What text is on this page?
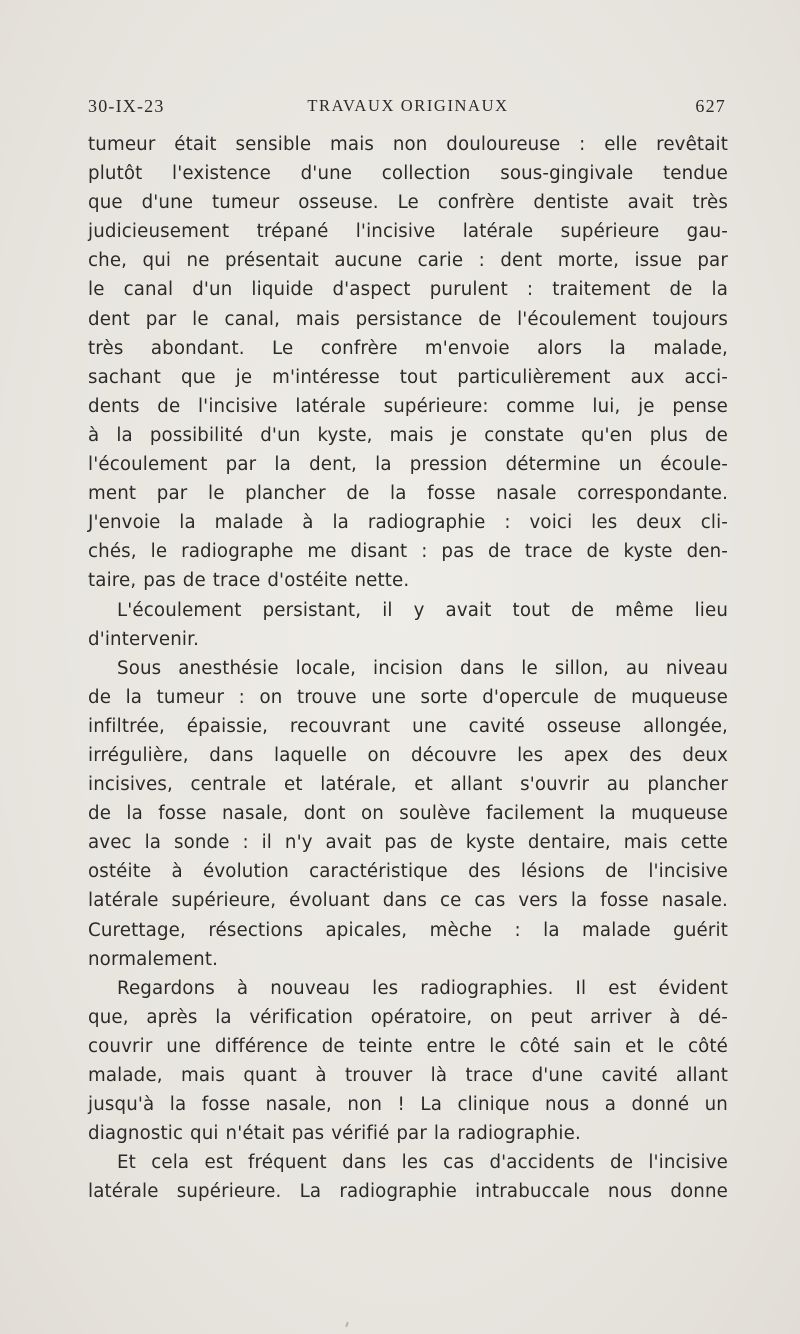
30-IX-23	TRAVAUX ORIGINAUX	627

tumeur était sensible mais non douloureuse : elle revêtait

plutôt l'existence d'une collection sous-gingivale tendue

que d'une tumeur osseuse. Le confrère dentiste avait très

judicieusement trépané l'incisive latérale supérieure gau-

che, qui ne présentait aucune carie : dent morte, issue par

le canal d'un liquide d'aspect purulent : traitement de la

dent par le canal, mais persistance de l'écoulement toujours

très abondant. Le confrère m'envoie alors la malade,

sachant que je m'intéresse tout particulièrement aux acci-

dents de l'incisive latérale supérieure: comme lui, je pense

à la possibilité d'un kyste, mais je constate qu'en plus de

l'écoulement par la dent, la pression détermine un écoule-

ment par le plancher de la fosse nasale correspondante.

J'envoie la malade à la radiographie : voici les deux cli-

chés, le radiographe me disant : pas de trace de kyste den-

taire, pas de trace d'ostéite nette.

L'écoulement persistant, il y avait tout de même lieu

d'intervenir.

Sous anesthésie locale, incision dans le sillon, au niveau

de la tumeur : on trouve une sorte d'opercule de muqueuse

infiltrée, épaissie, recouvrant une cavité osseuse allongée,

irrégulière, dans laquelle on découvre les apex des deux

incisives, centrale et latérale, et allant s'ouvrir au plancher

de la fosse nasale, dont on soulève facilement la muqueuse

avec la sonde : il n'y avait pas de kyste dentaire, mais cette

ostéite à évolution caractéristique des lésions de l'incisive

latérale supérieure, évoluant dans ce cas vers la fosse nasale.

Curettage, résections apicales, mèche : la malade guérit

normalement.

Regardons à nouveau les radiographies. Il est évident

que, après la vérification opératoire, on peut arriver à dé-

couvrir une différence de teinte entre le côté sain et le côté

malade, mais quant à trouver là trace d'une cavité allant

jusqu'à la fosse nasale, non ! La clinique nous a donné un

diagnostic qui n'était pas vérifié par la radiographie.

Et cela est fréquent dans les cas d'accidents de l'incisive

latérale supérieure. La radiographie intrabuccale nous donne
